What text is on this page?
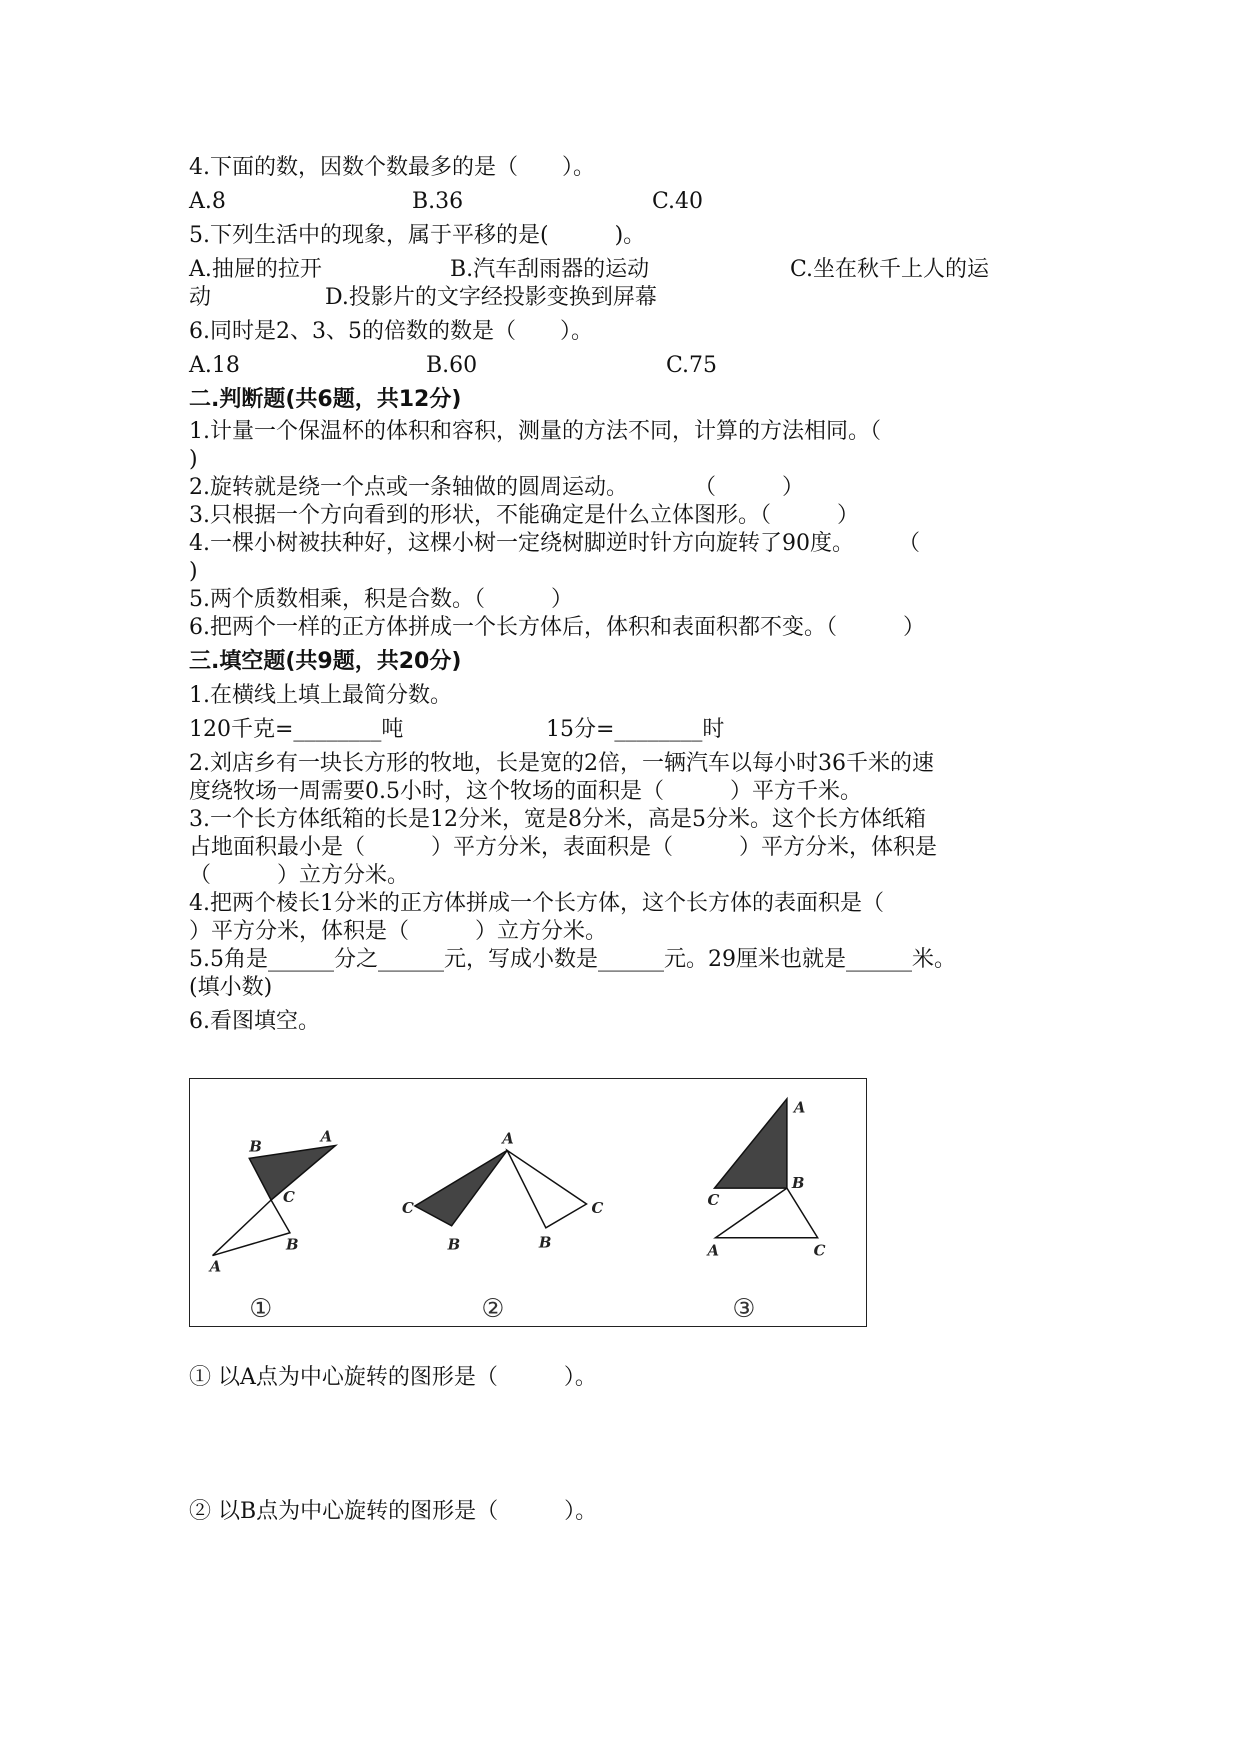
4.下面的数，因数个数最多的是（　　）。
A.8	B.36	C.40
5.下列生活中的现象，属于平移的是(　　　)。
A.抽屉的拉开	B.汽车刮雨器的运动	C.坐在秋千上人的运
动	D.投影片的文字经投影变换到屏幕
6.同时是2、3、5的倍数的数是（　　）。
A.18	B.60	C.75
二.判断题(共6题，共12分)
1.计量一个保温杯的体积和容积，测量的方法不同，计算的方法相同。（
)
2.旋转就是绕一个点或一条轴做的圆周运动。　　　　（　　　）
3.只根据一个方向看到的形状，不能确定是什么立体图形。（　　　）
4.一棵小树被扶种好，这棵小树一定绕树脚逆时针方向旋转了90度。　　　（
)
5.两个质数相乘，积是合数。（　　　）
6.把两个一样的正方体拼成一个长方体后，体积和表面积都不变。（　　　）
三.填空题(共9题，共20分)
1.在横线上填上最简分数。
120千克=________吨	15分=________时
2.刘店乡有一块长方形的牧地，长是宽的2倍，一辆汽车以每小时36千米的速
度绕牧场一周需要0.5小时，这个牧场的面积是（　　　）平方千米。
3.一个长方体纸箱的长是12分米，宽是8分米，高是5分米。这个长方体纸箱
占地面积最小是（　　　）平方分米，表面积是（　　　）平方分米，体积是
（　　　）立方分米。
4.把两个棱长1分米的正方体拼成一个长方体，这个长方体的表面积是（
）平方分米，体积是（　　　）立方分米。
5.5角是______分之______元，写成小数是______元。29厘米也就是______米。
(填小数)
6.看图填空。
B
A
C
A
B
①
A
C
B
C
B
②
A
B
C
A	C
③
① 以A点为中心旋转的图形是（　　　）。
② 以B点为中心旋转的图形是（　　　）。
